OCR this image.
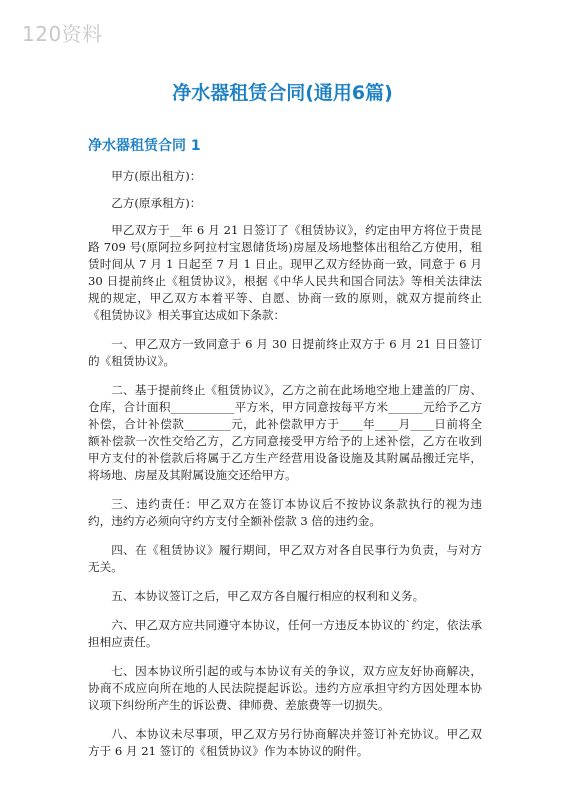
120资料
净水器租赁合同(通用6篇)
净水器租赁合同 1

甲方(原出租方)：

乙方(原承租方)：

甲乙双方于__年 6 月 21 日签订了《租赁协议》，约定由甲方将位于贵昆路 709 号(原阿拉乡阿拉村宝恩储货场)房屋及场地整体出租给乙方使用，租赁时间从 7 月 1 日起至 7 月 1 日止。现甲乙双方经协商一致，同意于 6 月 30 日提前终止《租赁协议》，根据《中华人民共和国合同法》等相关法律法规的规定，甲乙双方本着平等、自愿、协商一致的原则，就双方提前终止《租赁协议》相关事宜达成如下条款：

一、甲乙双方一致同意于 6 月 30 日提前终止双方于 6 月 21 日日签订的《租赁协议》。

二、基于提前终止《租赁协议》，乙方之前在此场地空地上建盖的厂房、仓库，合计面积___________平方米，甲方同意按每平方米______元给予乙方补偿，合计补偿款________元，此补偿款甲方于____年____月____日前将全额补偿款一次性交给乙方，乙方同意接受甲方给予的上述补偿，乙方在收到甲方支付的补偿款后将属于乙方生产经营用设备设施及其附属品搬迁完毕，将场地、房屋及其附属设施交还给甲方。

三、违约责任：甲乙双方在签订本协议后不按协议条款执行的视为违约，违约方必须向守约方支付全额补偿款 3 倍的违约金。

四、在《租赁协议》履行期间，甲乙双方对各自民事行为负责，与对方无关。

五、本协议签订之后，甲乙双方各自履行相应的权利和义务。

六、甲乙双方应共同遵守本协议，任何一方违反本协议的`约定，依法承担相应责任。

七、因本协议所引起的或与本协议有关的争议，双方应友好协商解决，协商不成应向所在地的人民法院提起诉讼。违约方应承担守约方因处理本协议项下纠纷所产生的诉讼费、律师费、差旅费等一切损失。

八、本协议未尽事项，甲乙双方另行协商解决并签订补充协议。甲乙双方于 6 月 21 签订的《租赁协议》作为本协议的附件。
